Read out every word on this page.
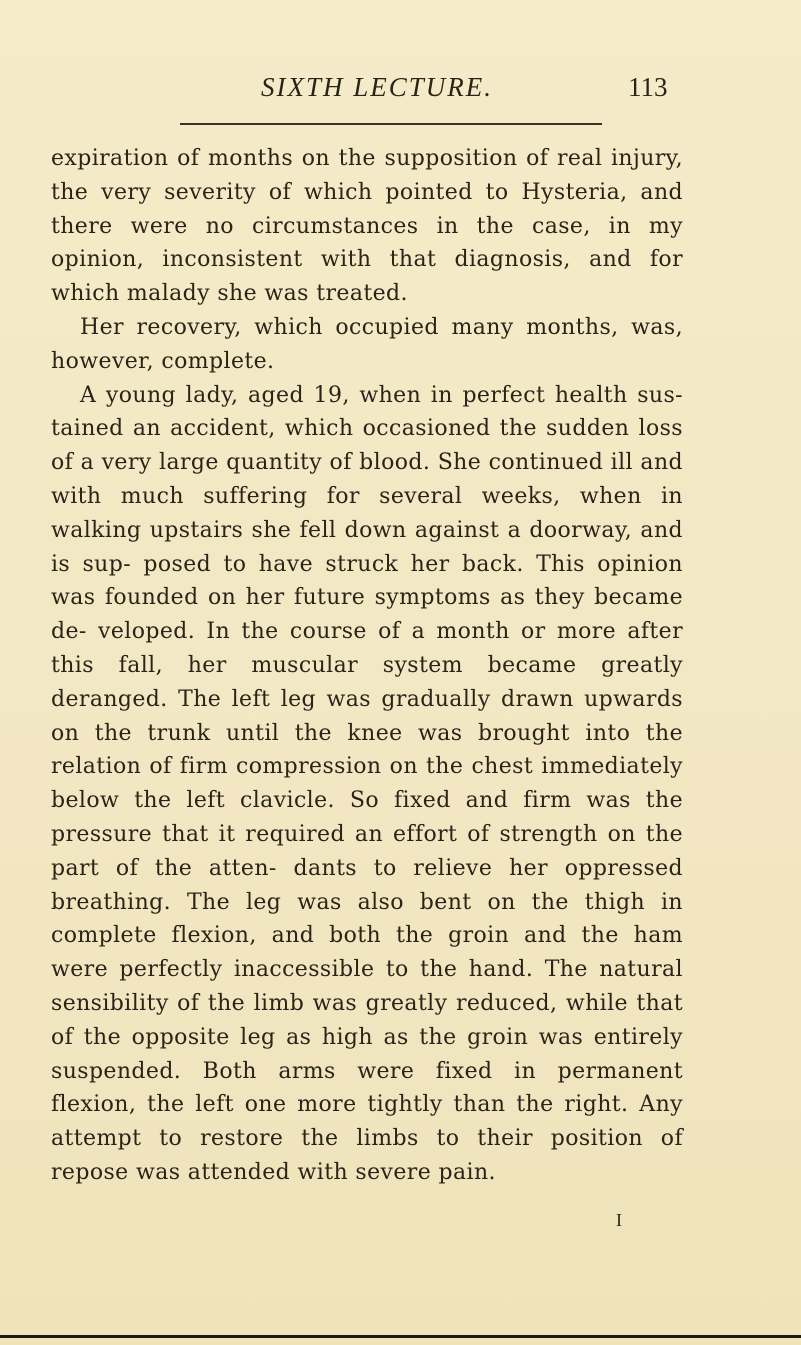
SIXTH LECTURE.	113

expiration of months on the supposition of real injury, the very severity of which pointed to Hysteria, and there were no circumstances in the case, in my opinion, inconsistent with that diagnosis, and for which malady she was treated.

Her recovery, which occupied many months, was, however, complete.

A young lady, aged 19, when in perfect health sus- tained an accident, which occasioned the sudden loss of a very large quantity of blood. She continued ill and with much suffering for several weeks, when in walking upstairs she fell down against a doorway, and is sup- posed to have struck her back. This opinion was founded on her future symptoms as they became de- veloped. In the course of a month or more after this fall, her muscular system became greatly deranged. The left leg was gradually drawn upwards on the trunk until the knee was brought into the relation of firm compression on the chest immediately below the left clavicle. So fixed and firm was the pressure that it required an effort of strength on the part of the atten- dants to relieve her oppressed breathing. The leg was also bent on the thigh in complete flexion, and both the groin and the ham were perfectly inaccessible to the hand. The natural sensibility of the limb was greatly reduced, while that of the opposite leg as high as the groin was entirely suspended. Both arms were fixed in permanent flexion, the left one more tightly than the right. Any attempt to restore the limbs to their position of repose was attended with severe pain.

I
